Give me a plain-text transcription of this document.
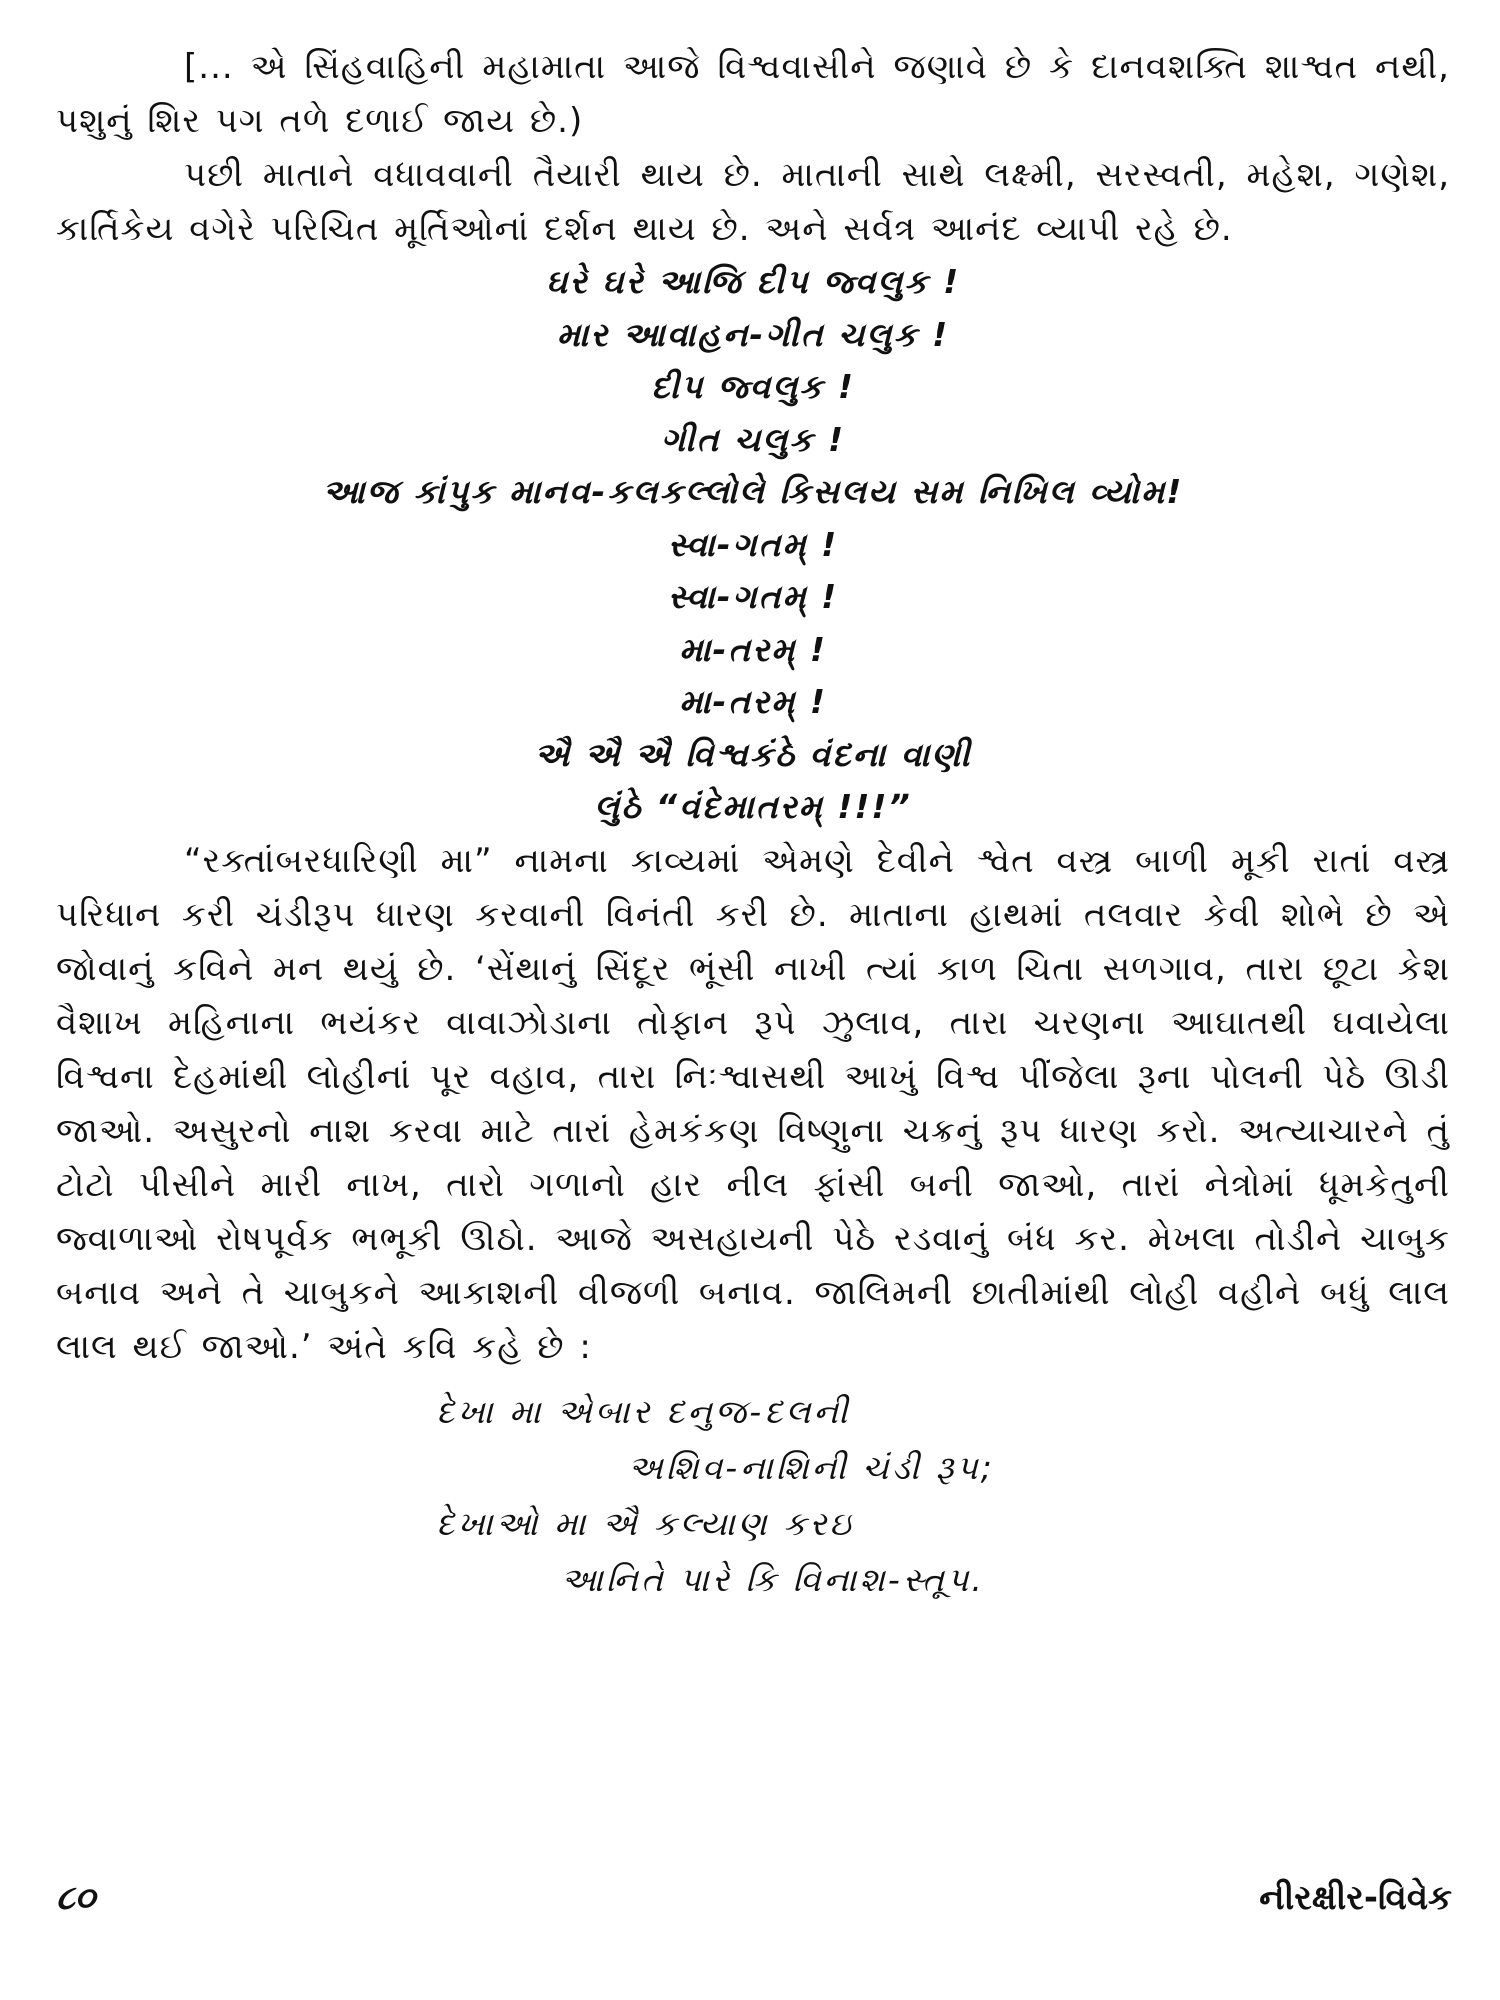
[... એ સિંહવાહિની મહામાતા આજે વિશ્વવાસીને જણાવે છે કે દાનવશક્તિ શાશ્વત નથી, પશુનું શિર પગ તળે દળાઈ જાય છે.)

પછી માતાને વધાવવાની તૈયારી થાય છે. માતાની સાથે લક્ષ્મી, સરસ્વતી, મહેશ, ગણેશ, કાર્તિકેય વગેરે પરિચિત મૂર્તિઓનાં દર્શન થાય છે. અને સર્વત્ર આનંદ વ્યાપી રહે છે.

ઘરે ઘરે આજિ દીપ જ્વલુક !
માર આવાહન-ગીત ચલુક !
દીપ જ્વલુક !
ગીત ચલુક !
આજ કાંપુક માનવ-કલકલ્લોલે કિસલય સમ નિખિલ વ્યોમ!
સ્વા-ગતમ્ !
સ્વા-ગતમ્ !
મા-તરમ્ !
મા-તરમ્ !
ઐ ઐ ઐ વિશ્વકંઠે વંદના વાણી
લુંઠે “વંદેમાતરમ્ !!!”

“રક્તાંબરધારિણી મા” નામના કાવ્યમાં એમણે દેવીને શ્વેત વસ્ત્ર બાળી મૂકી રાતાં વસ્ત્ર પરિધાન કરી ચંડીરૂપ ધારણ કરવાની વિનંતી કરી છે. માતાના હાથમાં તલવાર કેવી શોભે છે એ જોવાનું કવિને મન થયું છે. ‘સેંથાનું સિંદૂર ભૂંસી નાખી ત્યાં કાળ ચિતા સળગાવ, તારા છૂટા કેશ વૈશાખ મહિનાના ભયંકર વાવાઝોડાના તોફાન રૂપે ઝુલાવ, તારા ચરણના આઘાતથી ઘવાયેલા વિશ્વના દેહમાંથી લોહીનાં પૂર વહાવ, તારા નિઃશ્વાસથી આખું વિશ્વ પીંજેલા રૂના પોલની પેઠે ઊડી જાઓ. અસુરનો નાશ કરવા માટે તારાં હેમકંકણ વિષ્ણુના ચક્રનું રૂપ ધારણ કરો. અત્યાચારને તું ટોટો પીસીને મારી નાખ, તારો ગળાનો હાર નીલ ફાંસી બની જાઓ, તારાં નેત્રોમાં ધૂમકેતુની જ્વાળાઓ રોષપૂર્વક ભભૂકી ઊઠો. આજે અસહાયની પેઠે રડવાનું બંધ કર. મેખલા તોડીને ચાબુક બનાવ અને તે ચાબુકને આકાશની વીજળી બનાવ. જાલિમની છાતીમાંથી લોહી વહીને બધું લાલ લાલ થઈ જાઓ.’ અંતે કવિ કહે છે :

દેખા મા એબાર દનુજ-દલની
અશિવ-નાશિની ચંડી રૂપ;
દેખાઓ મા ઐ કલ્યાણ કરઇ
આનિતે પારે કિ વિનાશ-સ્તૂપ.
૮૦	નીરક્ષીર-વિવેક
